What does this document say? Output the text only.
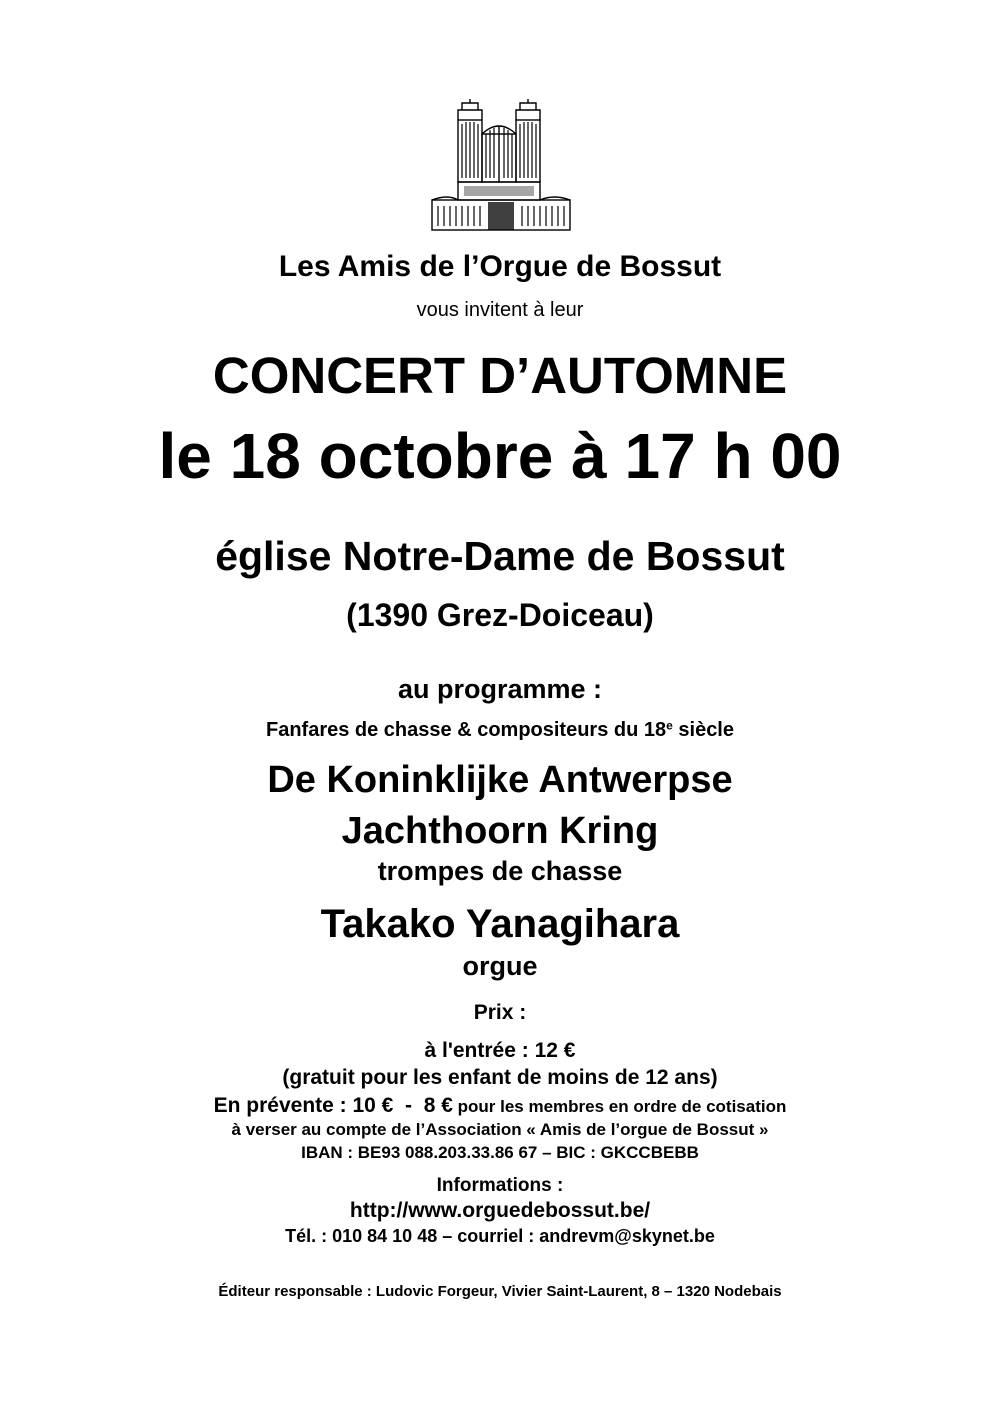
Les Amis de l’Orgue de Bossut
vous invitent à leur
CONCERT D’AUTOMNE
le 18 octobre à 17 h 00
église Notre-Dame de Bossut
(1390 Grez-Doiceau)
au programme :
Fanfares de chasse & compositeurs du 18e siècle
De Koninklijke Antwerpse
Jachthoorn Kring
trompes de chasse
Takako Yanagihara
orgue
Prix :
à l'entrée : 12 €
(gratuit pour les enfant de moins de 12 ans)
En prévente : 10 €  -  8 € pour les membres en ordre de cotisation
à verser au compte de l’Association « Amis de l’orgue de Bossut »
IBAN : BE93 088.203.33.86 67 – BIC : GKCCBEBB
Informations :
http://www.orguedebossut.be/
Tél. : 010 84 10 48 – courriel : andrevm@skynet.be
Éditeur responsable : Ludovic Forgeur, Vivier Saint-Laurent, 8 – 1320 Nodebais
